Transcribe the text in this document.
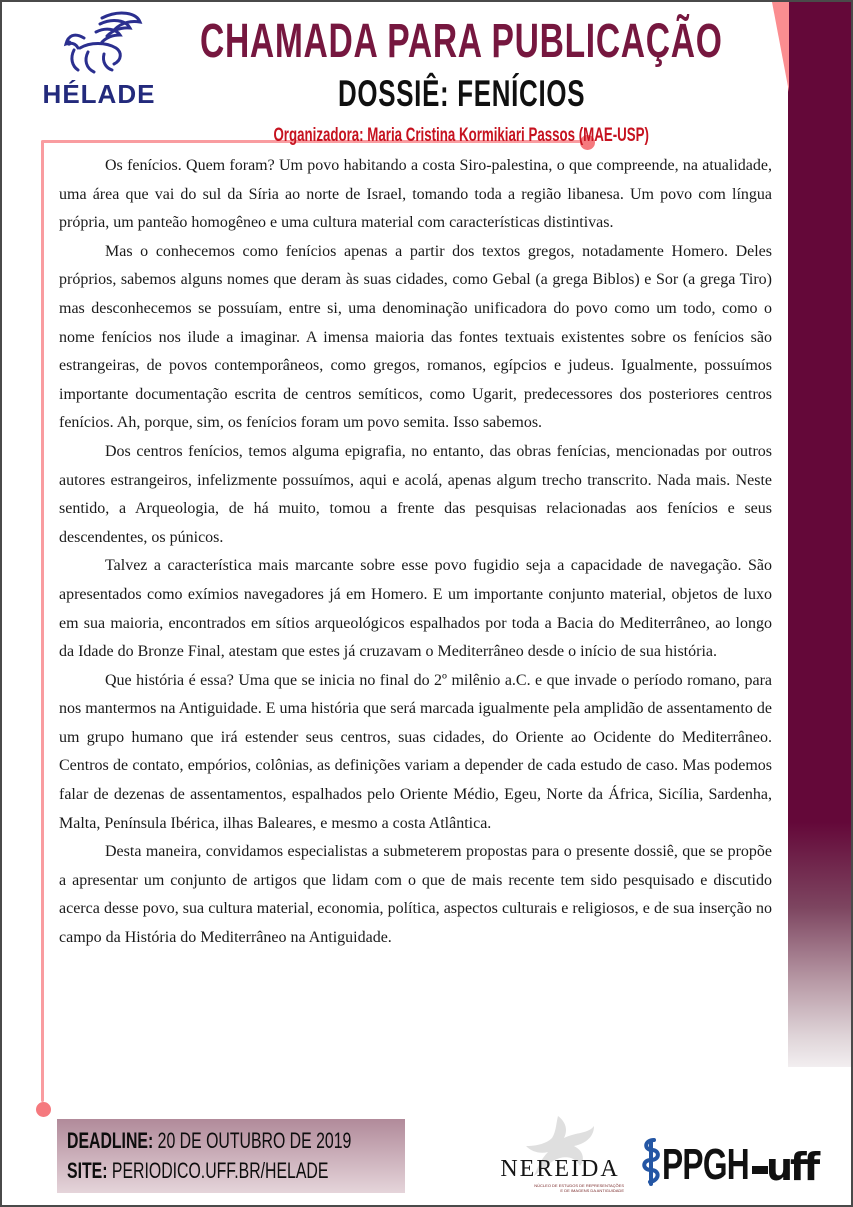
HÉLADE
CHAMADA PARA PUBLICAÇÃO
DOSSIÊ: FENÍCIOS
Organizadora: Maria Cristina Kormikiari Passos (MAE-USP)

Os fenícios. Quem foram? Um povo habitando a costa Siro-palestina, o que compreende, na atualidade, uma área que vai do sul da Síria ao norte de Israel, tomando toda a região libanesa. Um povo com língua própria, um panteão homogêneo e uma cultura material com características distintivas.

Mas o conhecemos como fenícios apenas a partir dos textos gregos, notadamente Homero. Deles próprios, sabemos alguns nomes que deram às suas cidades, como Gebal (a grega Biblos) e Sor (a grega Tiro) mas desconhecemos se possuíam, entre si, uma denominação unificadora do povo como um todo, como o nome fenícios nos ilude a imaginar. A imensa maioria das fontes textuais existentes sobre os fenícios são estrangeiras, de povos contemporâneos, como gregos, romanos, egípcios e judeus. Igualmente, possuímos importante documentação escrita de centros semíticos, como Ugarit, predecessores dos posteriores centros fenícios. Ah, porque, sim, os fenícios foram um povo semita. Isso sabemos.

Dos centros fenícios, temos alguma epigrafia, no entanto, das obras fenícias, mencionadas por outros autores estrangeiros, infelizmente possuímos, aqui e acolá, apenas algum trecho transcrito. Nada mais. Neste sentido, a Arqueologia, de há muito, tomou a frente das pesquisas relacionadas aos fenícios e seus descendentes, os púnicos.

Talvez a característica mais marcante sobre esse povo fugidio seja a capacidade de navegação. São apresentados como exímios navegadores já em Homero. E um importante conjunto material, objetos de luxo em sua maioria, encontrados em sítios arqueológicos espalhados por toda a Bacia do Mediterrâneo, ao longo da Idade do Bronze Final, atestam que estes já cruzavam o Mediterrâneo desde o início de sua história.

Que história é essa? Uma que se inicia no final do 2º milênio a.C. e que invade o período romano, para nos mantermos na Antiguidade. E uma história que será marcada igualmente pela amplidão de assentamento de um grupo humano que irá estender seus centros, suas cidades, do Oriente ao Ocidente do Mediterrâneo. Centros de contato, empórios, colônias, as definições variam a depender de cada estudo de caso. Mas podemos falar de dezenas de assentamentos, espalhados pelo Oriente Médio, Egeu, Norte da África, Sicília, Sardenha, Malta, Península Ibérica, ilhas Baleares, e mesmo a costa Atlântica.

Desta maneira, convidamos especialistas a submeterem propostas para o presente dossiê, que se propõe a apresentar um conjunto de artigos que lidam com o que de mais recente tem sido pesquisado e discutido acerca desse povo, sua cultura material, economia, política, aspectos culturais e religiosos, e de sua inserção no campo da História do Mediterrâneo na Antiguidade.

DEADLINE: 20 DE OUTUBRO DE 2019
SITE: PERIODICO.UFF.BR/HELADE	NEREIDA
NÚCLEO DE ESTUDOS DE REPRESENTAÇÕES
E DE IMAGENS DA ANTIGUIDADE
PPGH uff
